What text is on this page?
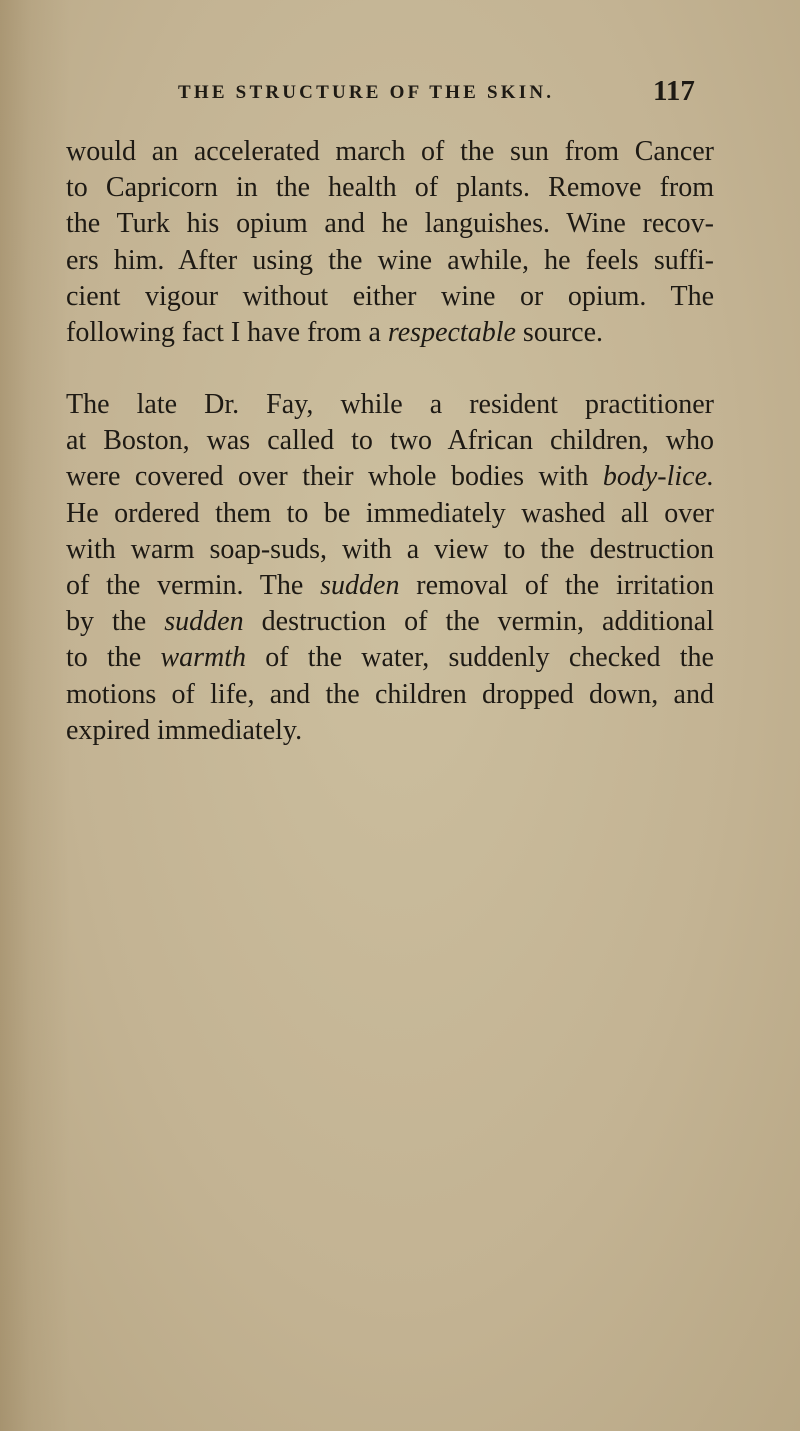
THE STRUCTURE OF THE SKIN.	117
would an accelerated march of the sun from Cancer
to Capricorn in the health of plants. Remove from
the Turk his opium and he languishes. Wine recov-
ers him. After using the wine awhile, he feels suffi-
cient vigour without either wine or opium. The
following fact I have from a respectable source.
The late Dr. Fay, while a resident practitioner
at Boston, was called to two African children, who
were covered over their whole bodies with body-lice.
He ordered them to be immediately washed all over
with warm soap-suds, with a view to the destruction
of the vermin. The sudden removal of the irritation
by the sudden destruction of the vermin, additional
to the warmth of the water, suddenly checked the
motions of life, and the children dropped down, and
expired immediately.
